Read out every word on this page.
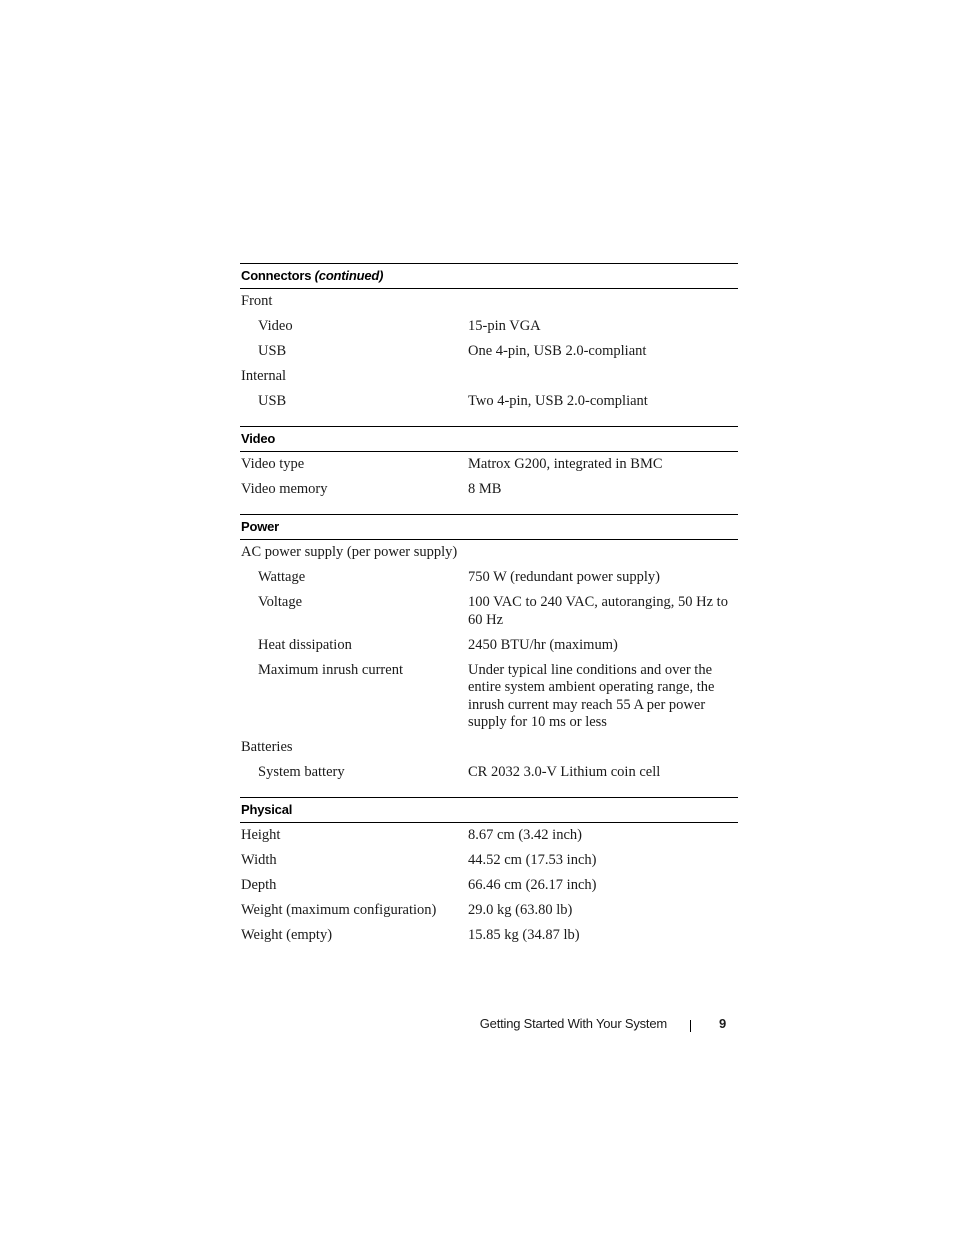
Connectors (continued)
Front
Video	15-pin VGA
USB	One 4-pin, USB 2.0-compliant
Internal
USB	Two 4-pin, USB 2.0-compliant
Video
Video type	Matrox G200, integrated in BMC
Video memory	8 MB
Power
AC power supply (per power supply)
Wattage	750 W (redundant power supply)
Voltage	100 VAC to 240 VAC, autoranging, 50 Hz to 60 Hz
Heat dissipation	2450 BTU/hr (maximum)
Maximum inrush current	Under typical line conditions and over the entire system ambient operating range, the inrush current may reach 55 A per power supply for 10 ms or less
Batteries
System battery	CR 2032 3.0-V Lithium coin cell
Physical
Height	8.67 cm (3.42 inch)
Width	44.52 cm (17.53 inch)
Depth	66.46 cm (26.17 inch)
Weight (maximum configuration)	29.0 kg (63.80 lb)
Weight (empty)	15.85 kg (34.87 lb)
Getting Started With Your System	9
